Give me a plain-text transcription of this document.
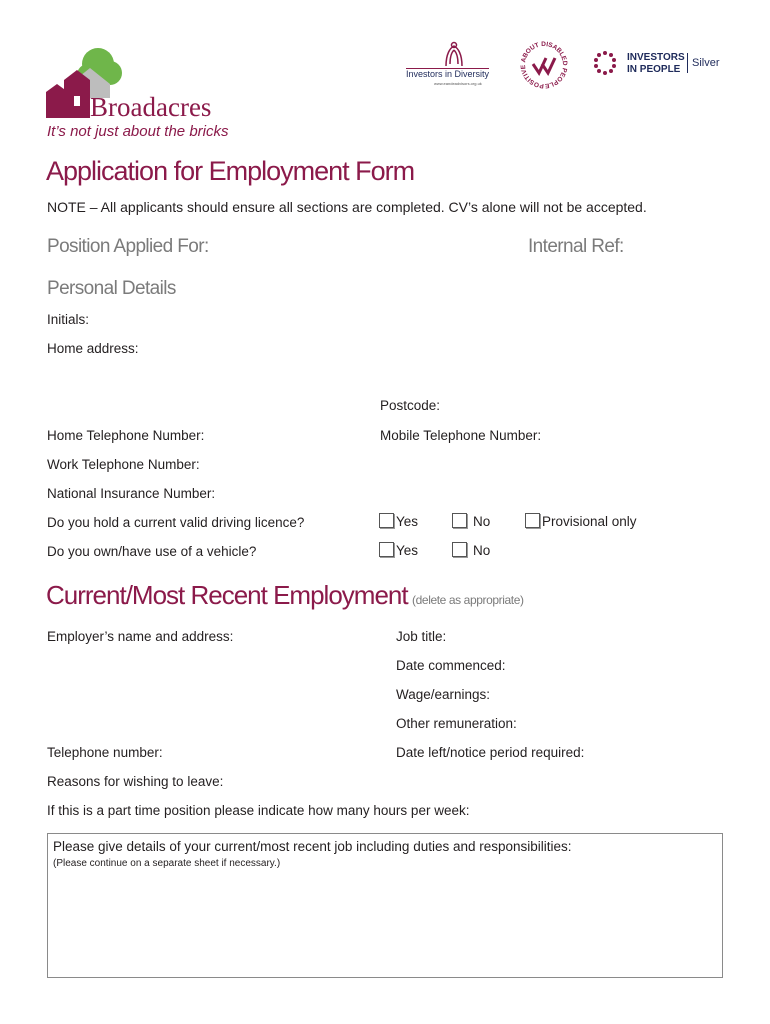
Broadacres
It’s not just about the bricks
Investors in Diversity
www.eandeadvisors.org.uk	POSITIVE ABOUT DISABLED PEOPLE
INVESTORS
IN PEOPLE
Silver
Application for Employment Form
NOTE – All applicants should ensure all sections are completed. CV’s alone will not be accepted.
Position Applied For:	Internal Ref:
Personal Details
Initials:
Home address:
Postcode:
Home Telephone Number:	Mobile Telephone Number:
Work Telephone Number:
National Insurance Number:
Do you hold a current valid driving licence?	Yes	No	Provisional only
Do you own/have use of a vehicle?	Yes	No
Current/Most Recent Employment (delete as appropriate)
Employer’s name and address:	Job title:
Date commenced:
Wage/earnings:
Other remuneration:
Telephone number:	Date left/notice period required:
Reasons for wishing to leave:
If this is a part time position please indicate how many hours per week:
Please give details of your current/most recent job including duties and responsibilities:
(Please continue on a separate sheet if necessary.)
